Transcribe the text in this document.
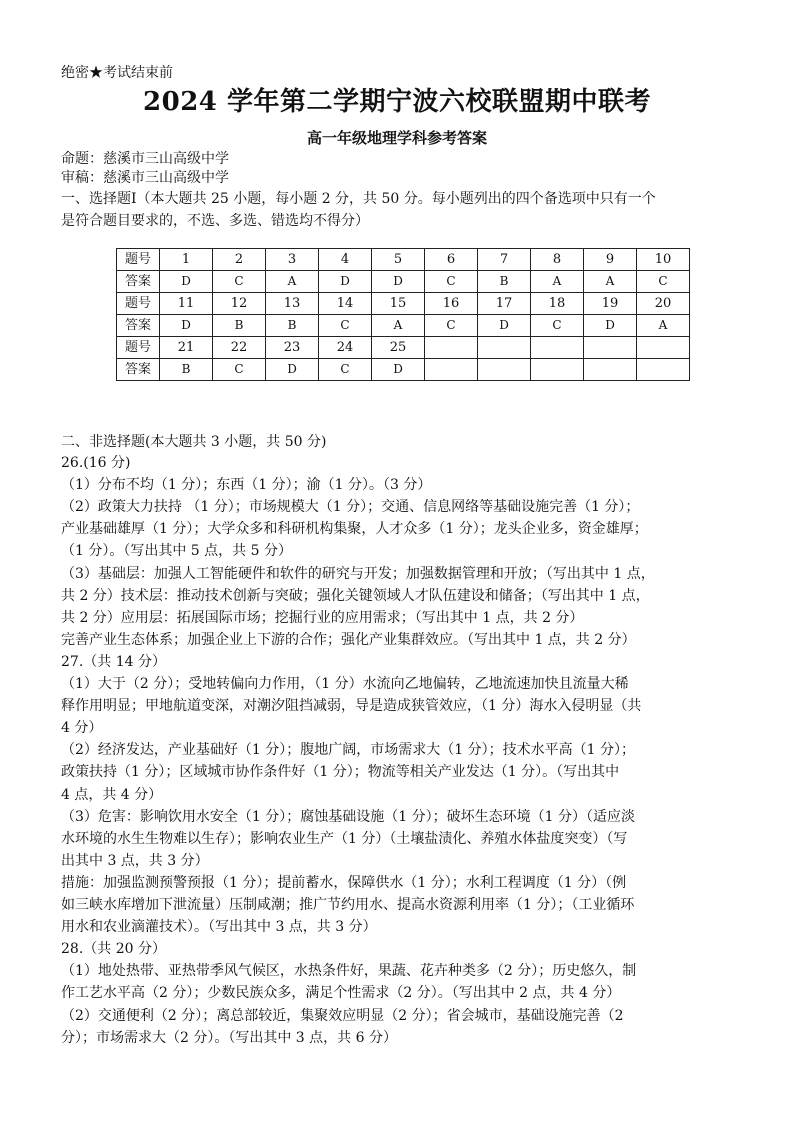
绝密★考试结束前
2024 学年第二学期宁波六校联盟期中联考
高一年级地理学科参考答案
命题：慈溪市三山高级中学
审稿：慈溪市三山高级中学
一、选择题Ⅰ（本大题共 25 小题，每小题 2 分，共 50 分。每小题列出的四个备选项中只有一个
是符合题目要求的，不选、多选、错选均不得分）
题号	1	2	3	4	5	6	7	8	9	10
答案	D	C	A	D	D	C	B	A	A	C
题号	11	12	13	14	15	16	17	18	19	20
答案	D	B	B	C	A	C	D	C	D	A
题号	21	22	23	24	25					
答案	B	C	D	C	D					
二、非选择题(本大题共 3 小题，共 50 分)
26.(16 分)
（1）分布不均（1 分）；东西（1 分）；渝（1 分）。（3 分）
（2）政策大力扶持 （1 分）；市场规模大（1 分）；交通、信息网络等基础设施完善（1 分）；
产业基础雄厚（1 分）；大学众多和科研机构集聚，人才众多（1 分）；龙头企业多，资金雄厚；
（1 分）。（写出其中 5 点，共 5 分）
（3）基础层：加强人工智能硬件和软件的研究与开发；加强数据管理和开放；（写出其中 1 点，
共 2 分）技术层：推动技术创新与突破；强化关键领域人才队伍建设和储备；（写出其中 1 点，
共 2 分）应用层：拓展国际市场；挖掘行业的应用需求；（写出其中 1 点，共 2 分）
完善产业生态体系；加强企业上下游的合作；强化产业集群效应。（写出其中 1 点，共 2 分）
27.（共 14 分）
（1）大于（2 分）；受地转偏向力作用，（1 分）水流向乙地偏转，乙地流速加快且流量大稀
释作用明显；甲地航道变深，对潮汐阻挡减弱，导是造成狭管效应，（1 分）海水入侵明显（共
4 分）
（2）经济发达，产业基础好（1 分）；腹地广阔，市场需求大（1 分）；技术水平高（1 分）；
政策扶持（1 分）；区域城市协作条件好（1 分）；物流等相关产业发达（1 分）。（写出其中
4 点，共 4 分）
（3）危害：影响饮用水安全（1 分）；腐蚀基础设施（1 分）；破坏生态环境（1 分）（适应淡
水环境的水生生物难以生存）；影响农业生产（1 分）（土壤盐渍化、养殖水体盐度突变）（写
出其中 3 点，共 3 分）
措施：加强监测预警预报（1 分）；提前蓄水，保障供水（1 分）；水利工程调度（1 分）（例
如三峡水库增加下泄流量）压制咸潮；推广节约用水、提高水资源利用率（1 分）；（工业循环
用水和农业滴灌技术）。（写出其中 3 点，共 3 分）
28.（共 20 分）
（1）地处热带、亚热带季风气候区，水热条件好，果蔬、花卉种类多（2 分）；历史悠久，制
作工艺水平高（2 分）；少数民族众多，满足个性需求（2 分）。（写出其中 2 点，共 4 分）
（2）交通便利（2 分）；离总部较近，集聚效应明显（2 分）；省会城市，基础设施完善（2
分）；市场需求大（2 分）。（写出其中 3 点，共 6 分）
